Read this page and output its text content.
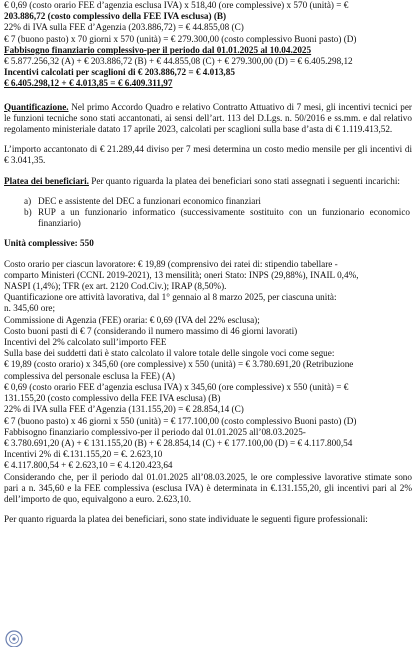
€ 0,69 (costo orario FEE d’agenzia esclusa IVA) x 518,40 (ore complessive) x 570 (unità) = €
203.886,72 (costo complessivo della FEE IVA esclusa) (B)
22% di IVA sulla FEE d’Agenzia (203.886,72) = € 44.855,08 (C)
€ 7 (buono pasto) x 70 giorni x 570 (unità) = € 279.300,00 (costo complessivo Buoni pasto) (D)
Fabbisogno finanziario complessivo-per il periodo dal 01.01.2025 al 10.04.2025
€ 5.877.256,32 (A) + € 203.886,72 (B) + € 44.855,08 (C) + € 279.300,00 (D) = € 6.405.298,12
Incentivi calcolati per scaglioni di € 203.886,72 = € 4.013,85
€ 6.405.298,12 + € 4.013,85 = € 6.409.311,97

Quantificazione. Nel primo Accordo Quadro e relativo Contratto Attuativo di 7 mesi, gli incentivi tecnici per le funzioni tecniche sono stati accantonati, ai sensi dell’art. 113 del D.Lgs. n. 50/2016 e ss.mm. e dal relativo regolamento ministeriale datato 17 aprile 2023, calcolati per scaglioni sulla base d’asta di € 1.119.413,52.

L’importo accantonato di € 21.289,44 diviso per 7 mesi determina un costo medio mensile per gli incentivi di € 3.041,35.

Platea dei beneficiari. Per quanto riguarda la platea dei beneficiari sono stati assegnati i seguenti incarichi:

a) DEC e assistente del DEC a funzionari economico finanziari
b) RUP a un funzionario informatico (successivamente sostituito con un funzionario economico finanziario)
Unità complessive: 550
Costo orario per ciascun lavoratore: € 19,89 (comprensivo dei ratei di: stipendio tabellare -
comparto Ministeri (CCNL 2019-2021), 13 mensilità; oneri Stato: INPS (29,88%), INAIL 0,4%,
NASPI (1,4%); TFR (ex art. 2120 Cod.Civ.); IRAP (8,50%).
Quantificazione ore attività lavorativa, dal 1° gennaio al 8 marzo 2025, per ciascuna unità:
n. 345,60 ore;
Commissione di Agenzia (FEE) oraria: € 0,69 (IVA del 22% esclusa);
Costo buoni pasti di € 7 (considerando il numero massimo di 46 giorni lavorati)
Incentivi del 2% calcolato sull’importo FEE
Sulla base dei suddetti dati è stato calcolato il valore totale delle singole voci come segue:
€ 19,89 (costo orario) x 345,60 (ore complessive) x 550 (unità) = € 3.780.691,20 (Retribuzione
complessiva del personale esclusa la FEE) (A)
€ 0,69 (costo orario FEE d’agenzia esclusa IVA) x 345,60 (ore complessive) x 550 (unità) = €
131.155,20 (costo complessivo della FEE IVA esclusa) (B)
22% di IVA sulla FEE d’Agenzia (131.155,20) = € 28.854,14 (C)
€ 7 (buono pasto) x 46 giorni x 550 (unità) = € 177.100,00 (costo complessivo Buoni pasto) (D)
Fabbisogno finanziario complessivo-per il periodo dal 01.01.2025 all’08.03.2025-
€ 3.780.691,20 (A) + € 131.155,20 (B) + € 28.854,14 (C) + € 177.100,00 (D) = € 4.117.800,54
Incentivi 2% di €.131.155,20 = €. 2.623,10
€ 4.117.800,54 + € 2.623,10 = € 4.120.423,64

Considerando che, per il periodo dal 01.01.2025 all’08.03.2025, le ore complessive lavorative stimate sono pari a n. 345,60 e la FEE complessiva (esclusa IVA) è determinata in €.131.155,20, gli incentivi pari al 2% dell’importo de quo, equivalgono a euro. 2.623,10.

Per quanto riguarda la platea dei beneficiari, sono state individuate le seguenti figure professionali:
